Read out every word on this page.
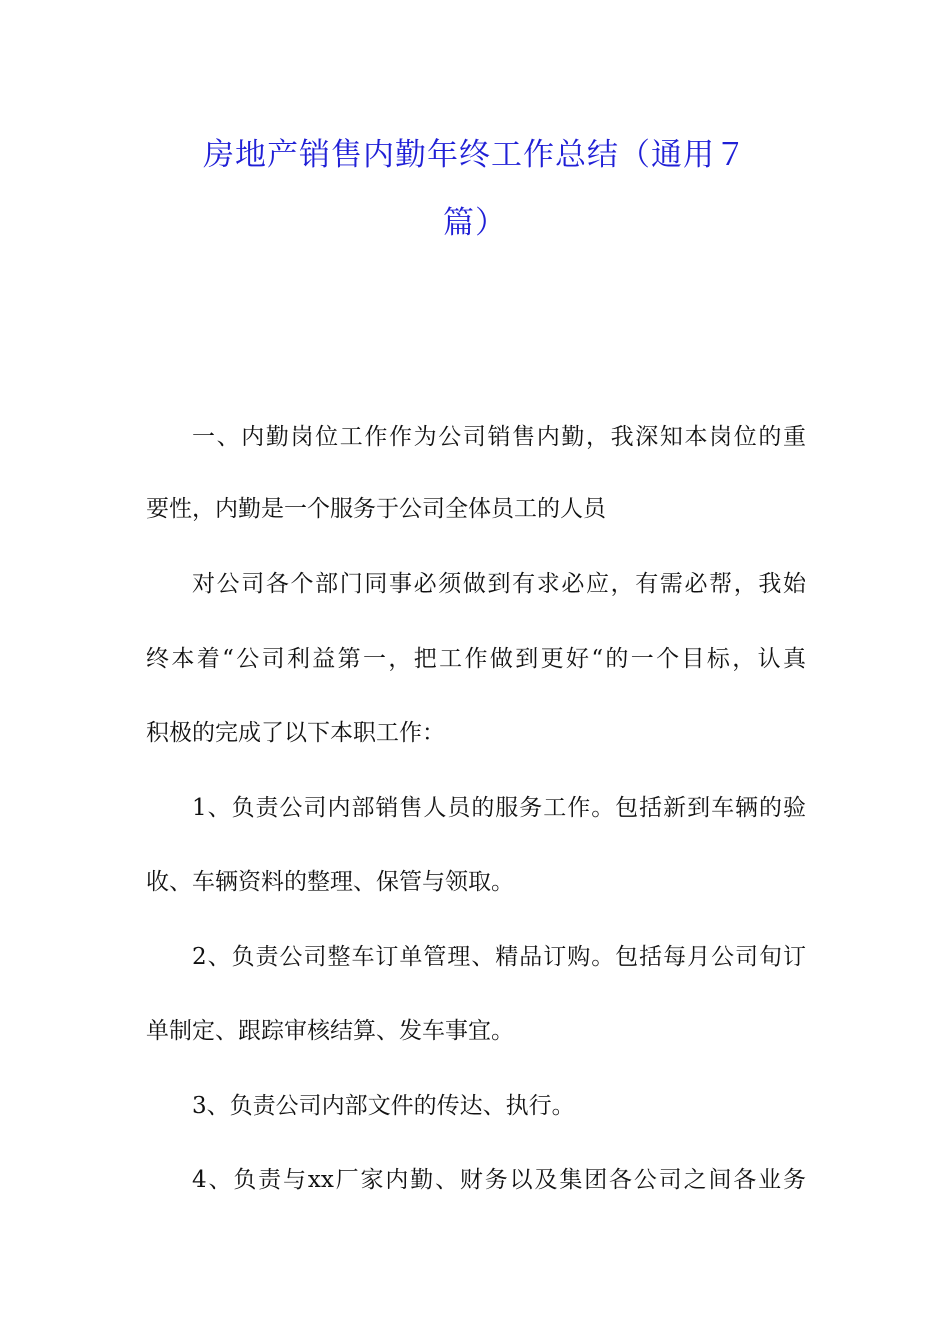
房地产销售内勤年终工作总结（通用７
篇）
一、内勤岗位工作作为公司销售内勤，我深知本岗位的重
要性，内勤是一个服务于公司全体员工的人员
对公司各个部门同事必须做到有求必应，有需必帮，我始
终本着“公司利益第一，把工作做到更好“的一个目标，认真
积极的完成了以下本职工作：
1、负责公司内部销售人员的服务工作。包括新到车辆的验
收、车辆资料的整理、保管与领取。
2、负责公司整车订单管理、精品订购。包括每月公司旬订
单制定、跟踪审核结算、发车事宜。
3、负责公司内部文件的传达、执行。
4、负责与xx厂家内勤、财务以及集团各公司之间各业务
